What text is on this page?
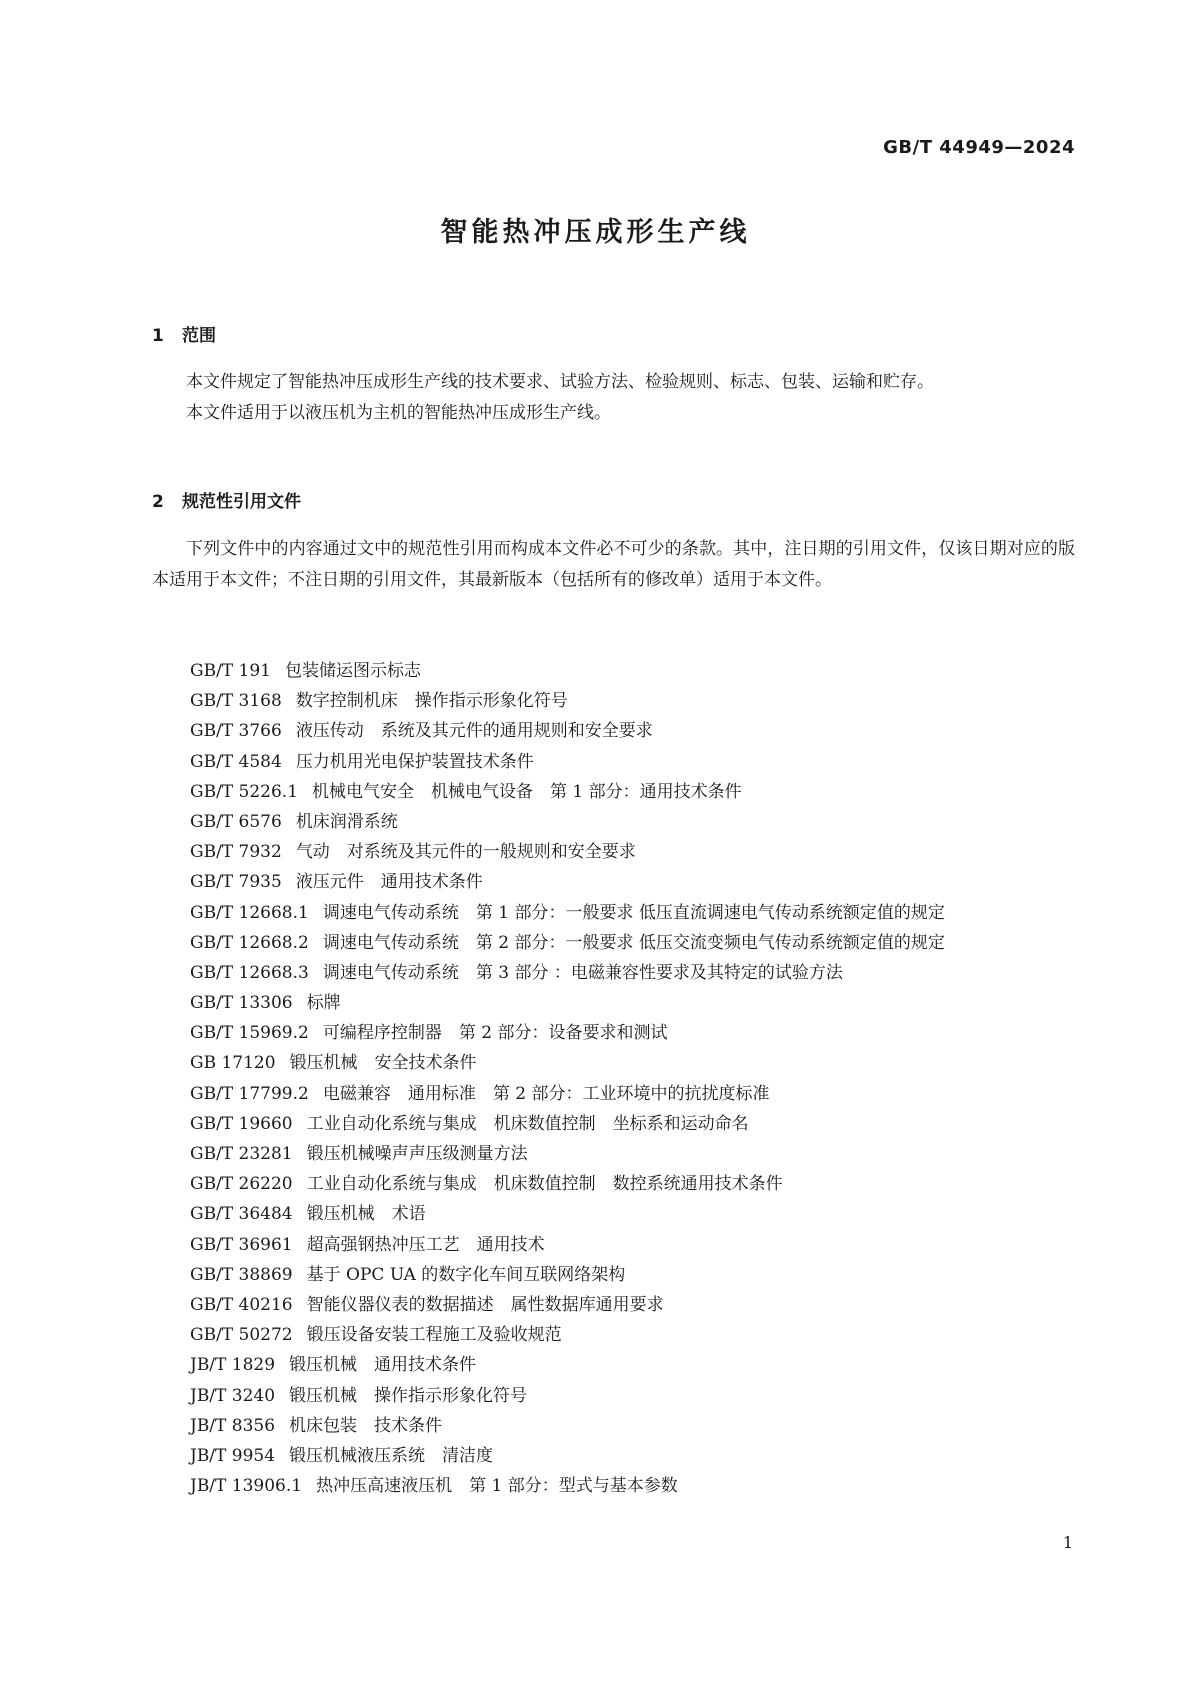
GB/T 44949—2024
智能热冲压成形生产线
1 范围

本文件规定了智能热冲压成形生产线的技术要求、试验方法、检验规则、标志、包装、运输和贮存。

本文件适用于以液压机为主机的智能热冲压成形生产线。

2 规范性引用文件

下列文件中的内容通过文中的规范性引用而构成本文件必不可少的条款。其中，注日期的引用文件，仅该日期对应的版本适用于本文件；不注日期的引用文件，其最新版本（包括所有的修改单）适用于本文件。

GB/T 191 包装储运图示标志
GB/T 3168 数字控制机床　操作指示形象化符号
GB/T 3766 液压传动　系统及其元件的通用规则和安全要求
GB/T 4584 压力机用光电保护装置技术条件
GB/T 5226.1 机械电气安全　机械电气设备　第 1 部分：通用技术条件
GB/T 6576 机床润滑系统
GB/T 7932 气动　对系统及其元件的一般规则和安全要求
GB/T 7935 液压元件　通用技术条件
GB/T 12668.1 调速电气传动系统　第 1 部分：一般要求 低压直流调速电气传动系统额定值的规定
GB/T 12668.2 调速电气传动系统　第 2 部分：一般要求 低压交流变频电气传动系统额定值的规定
GB/T 12668.3 调速电气传动系统　第 3 部分 ：电磁兼容性要求及其特定的试验方法
GB/T 13306 标牌
GB/T 15969.2 可编程序控制器　第 2 部分：设备要求和测试
GB 17120 锻压机械　安全技术条件
GB/T 17799.2 电磁兼容　通用标准　第 2 部分：工业环境中的抗扰度标准
GB/T 19660 工业自动化系统与集成　机床数值控制　坐标系和运动命名
GB/T 23281 锻压机械噪声声压级测量方法
GB/T 26220 工业自动化系统与集成　机床数值控制　数控系统通用技术条件
GB/T 36484 锻压机械　术语
GB/T 36961 超高强钢热冲压工艺　通用技术
GB/T 38869 基于 OPC UA 的数字化车间互联网络架构
GB/T 40216 智能仪器仪表的数据描述　属性数据库通用要求
GB/T 50272 锻压设备安装工程施工及验收规范
JB/T 1829 锻压机械　通用技术条件
JB/T 3240 锻压机械　操作指示形象化符号
JB/T 8356 机床包装　技术条件
JB/T 9954 锻压机械液压系统　清洁度
JB/T 13906.1 热冲压高速液压机　第 1 部分：型式与基本参数
1
